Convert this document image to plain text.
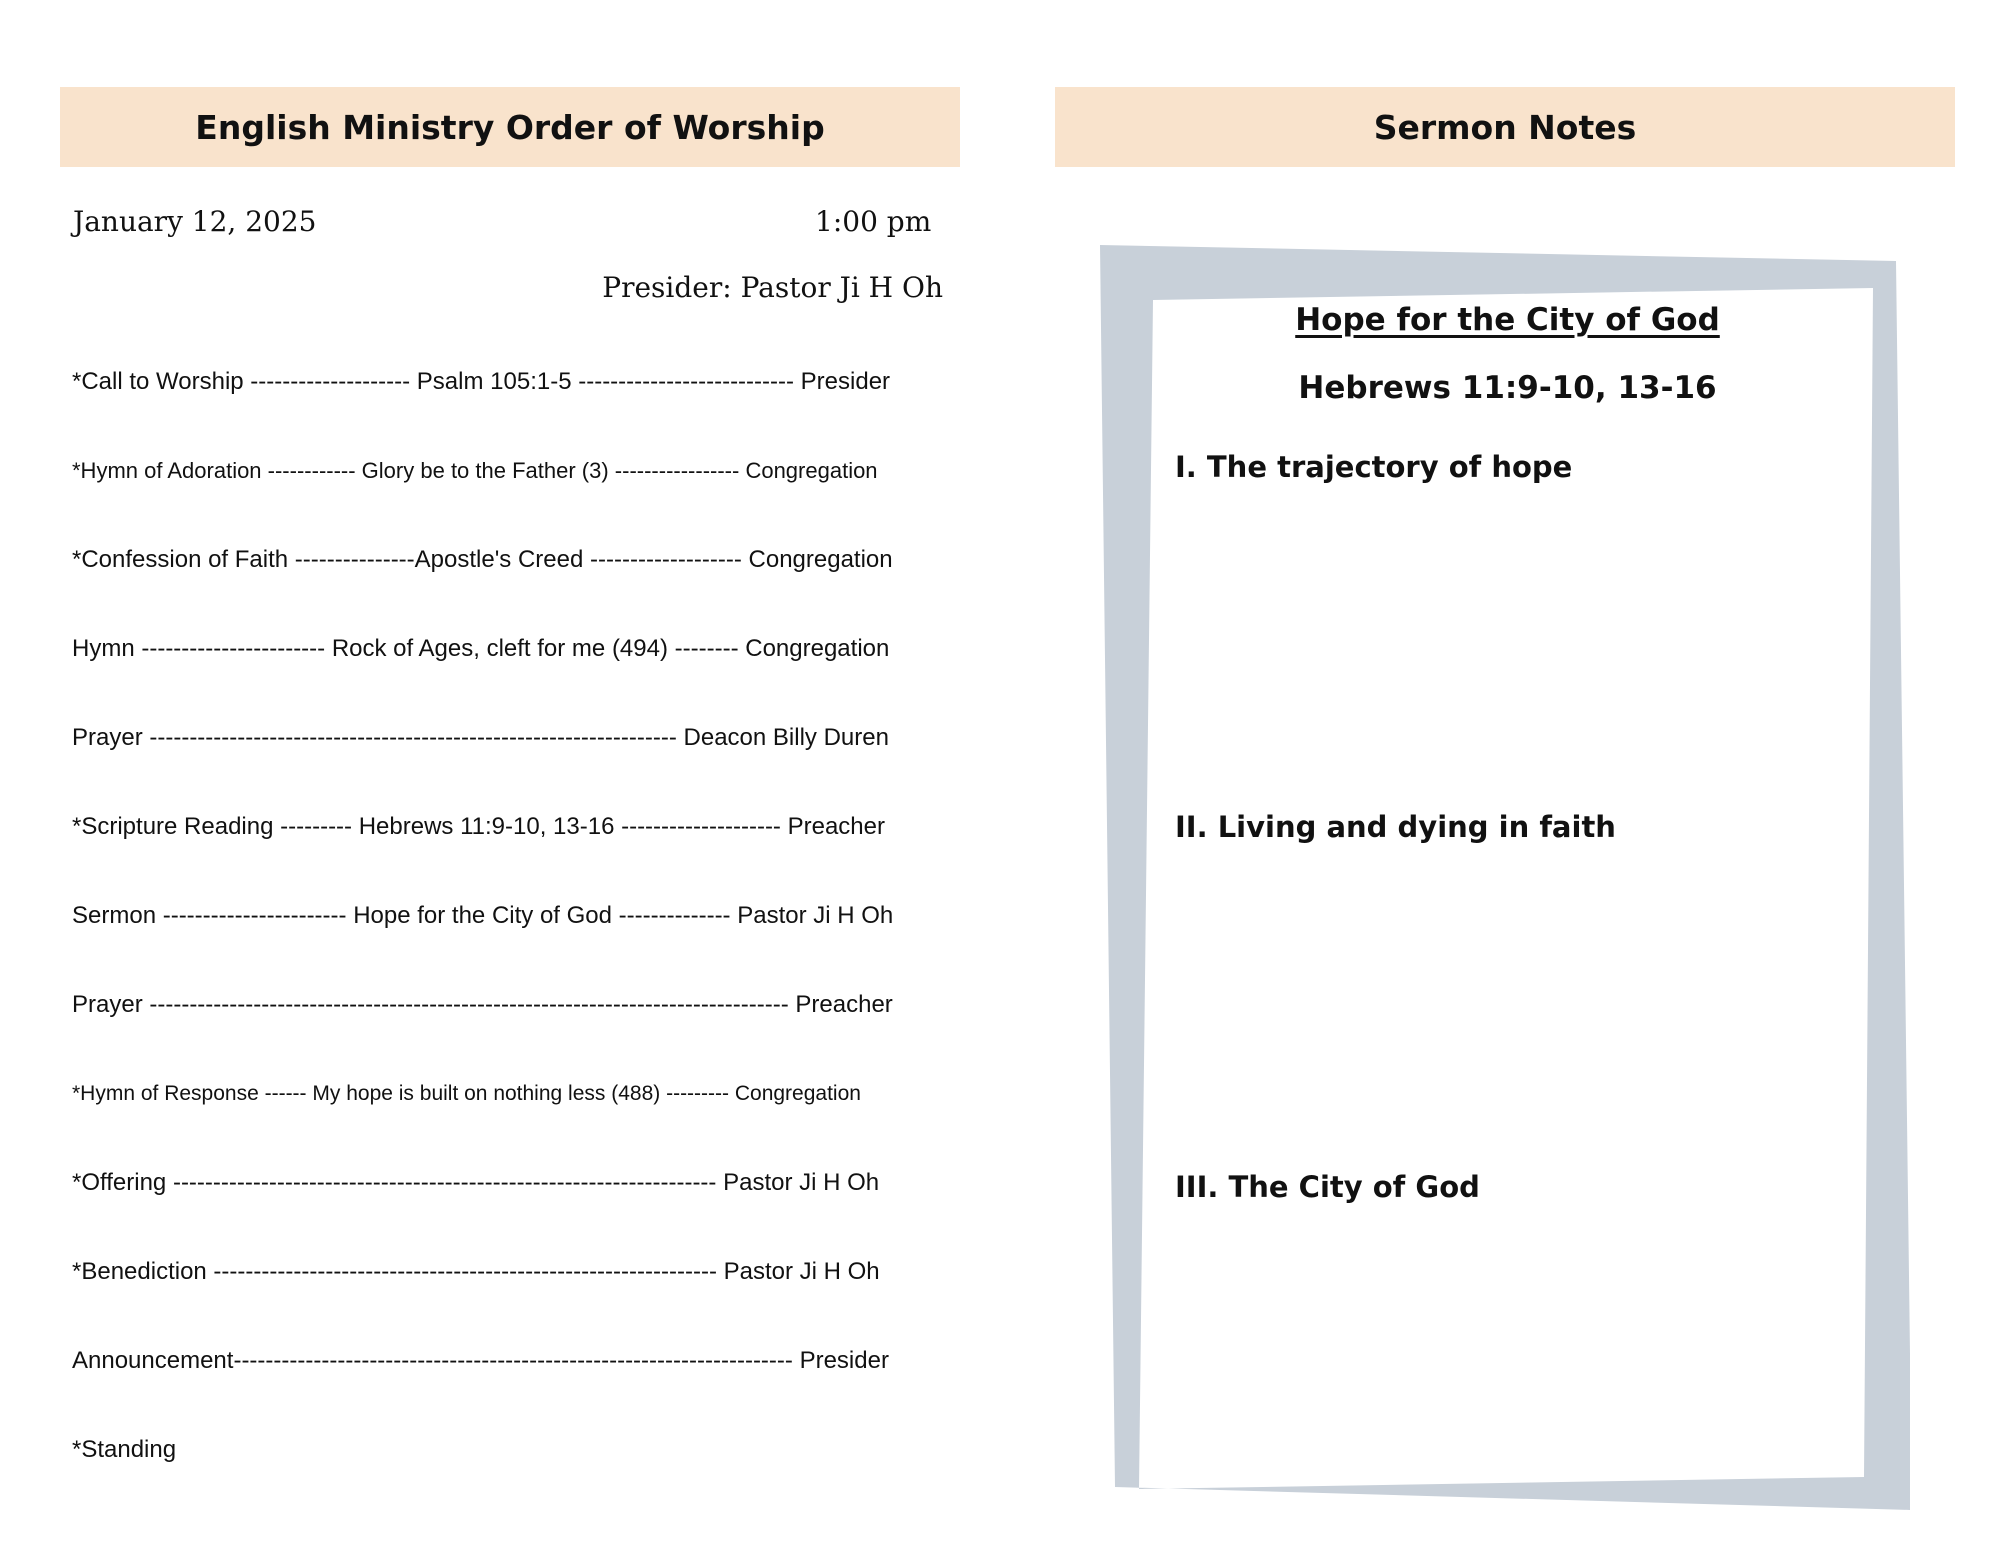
English Ministry Order of Worship
January 12, 2025	1:00 pm
Presider: Pastor Ji H Oh
*Call to Worship -------------------- Psalm 105:1-5 --------------------------- Presider
*Hymn of Adoration ------------ Glory be to the Father (3) ----------------- Congregation
*Confession of Faith ---------------Apostle's Creed ------------------- Congregation
Hymn ----------------------- Rock of Ages, cleft for me (494) -------- Congregation
Prayer ------------------------------------------------------------------ Deacon Billy Duren
*Scripture Reading --------- Hebrews 11:9-10, 13-16 -------------------- Preacher
Sermon ----------------------- Hope for the City of God -------------- Pastor Ji H Oh
Prayer -------------------------------------------------------------------------------- Preacher
*Hymn of Response ------ My hope is built on nothing less (488) --------- Congregation
*Offering -------------------------------------------------------------------- Pastor Ji H Oh
*Benediction --------------------------------------------------------------- Pastor Ji H Oh
Announcement---------------------------------------------------------------------- Presider
*Standing
Sermon Notes
Hope for the City of God
Hebrews 11:9-10, 13-16
I. The trajectory of hope
II. Living and dying in faith
III. The City of God
